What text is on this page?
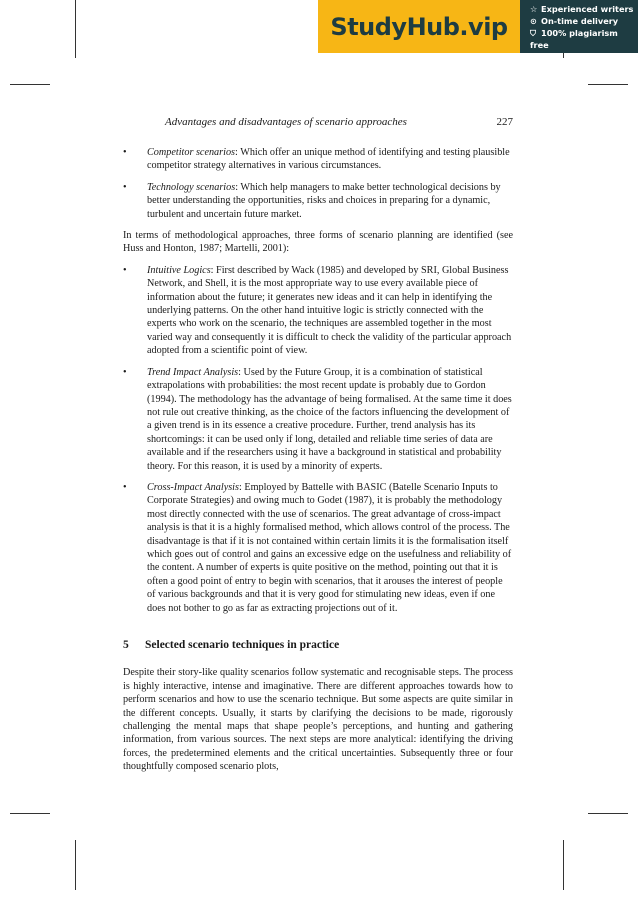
StudyHub.vip
☆ Experienced writers
⊙ On-time delivery
⛉ 100% plagiarism free
Advantages and disadvantages of scenario approaches	227
• Competitor scenarios: Which offer an unique method of identifying and testing plausible competitor strategy alternatives in various circumstances.
• Technology scenarios: Which help managers to make better technological decisions by better understanding the opportunities, risks and choices in preparing for a dynamic, turbulent and uncertain future market.

In terms of methodological approaches, three forms of scenario planning are identified (see Huss and Honton, 1987; Martelli, 2001):

• Intuitive Logics: First described by Wack (1985) and developed by SRI, Global Business Network, and Shell, it is the most appropriate way to use every available piece of information about the future; it generates new ideas and it can help in identifying the underlying patterns. On the other hand intuitive logic is strictly connected with the experts who work on the scenario, the techniques are assembled together in the most varied way and consequently it is difficult to check the validity of the particular approach adopted from a scientific point of view.
• Trend Impact Analysis: Used by the Future Group, it is a combination of statistical extrapolations with probabilities: the most recent update is probably due to Gordon (1994). The methodology has the advantage of being formalised. At the same time it does not rule out creative thinking, as the choice of the factors influencing the development of a given trend is in its essence a creative procedure. Further, trend analysis has its shortcomings: it can be used only if long, detailed and reliable time series of data are available and if the researchers using it have a background in statistical and probability theory. For this reason, it is used by a minority of experts.
• Cross-Impact Analysis: Employed by Battelle with BASIC (Batelle Scenario Inputs to Corporate Strategies) and owing much to Godet (1987), it is probably the methodology most directly connected with the use of scenarios. The great advantage of cross-impact analysis is that it is a highly formalised method, which allows control of the process. The disadvantage is that if it is not contained within certain limits it is the formalisation itself which goes out of control and gains an excessive edge on the usefulness and reliability of the content. A number of experts is quite positive on the method, pointing out that it is often a good point of entry to begin with scenarios, that it arouses the interest of people of various backgrounds and that it is very good for stimulating new ideas, even if one does not bother to go as far as extracting projections out of it.
5 Selected scenario techniques in practice

Despite their story-like quality scenarios follow systematic and recognisable steps. The process is highly interactive, intense and imaginative. There are different approaches towards how to perform scenarios and how to use the scenario technique. But some aspects are quite similar in the different concepts. Usually, it starts by clarifying the decisions to be made, rigorously challenging the mental maps that shape people’s perceptions, and hunting and gathering information, from various sources. The next steps are more analytical: identifying the driving forces, the predetermined elements and the critical uncertainties. Subsequently three or four thoughtfully composed scenario plots,
